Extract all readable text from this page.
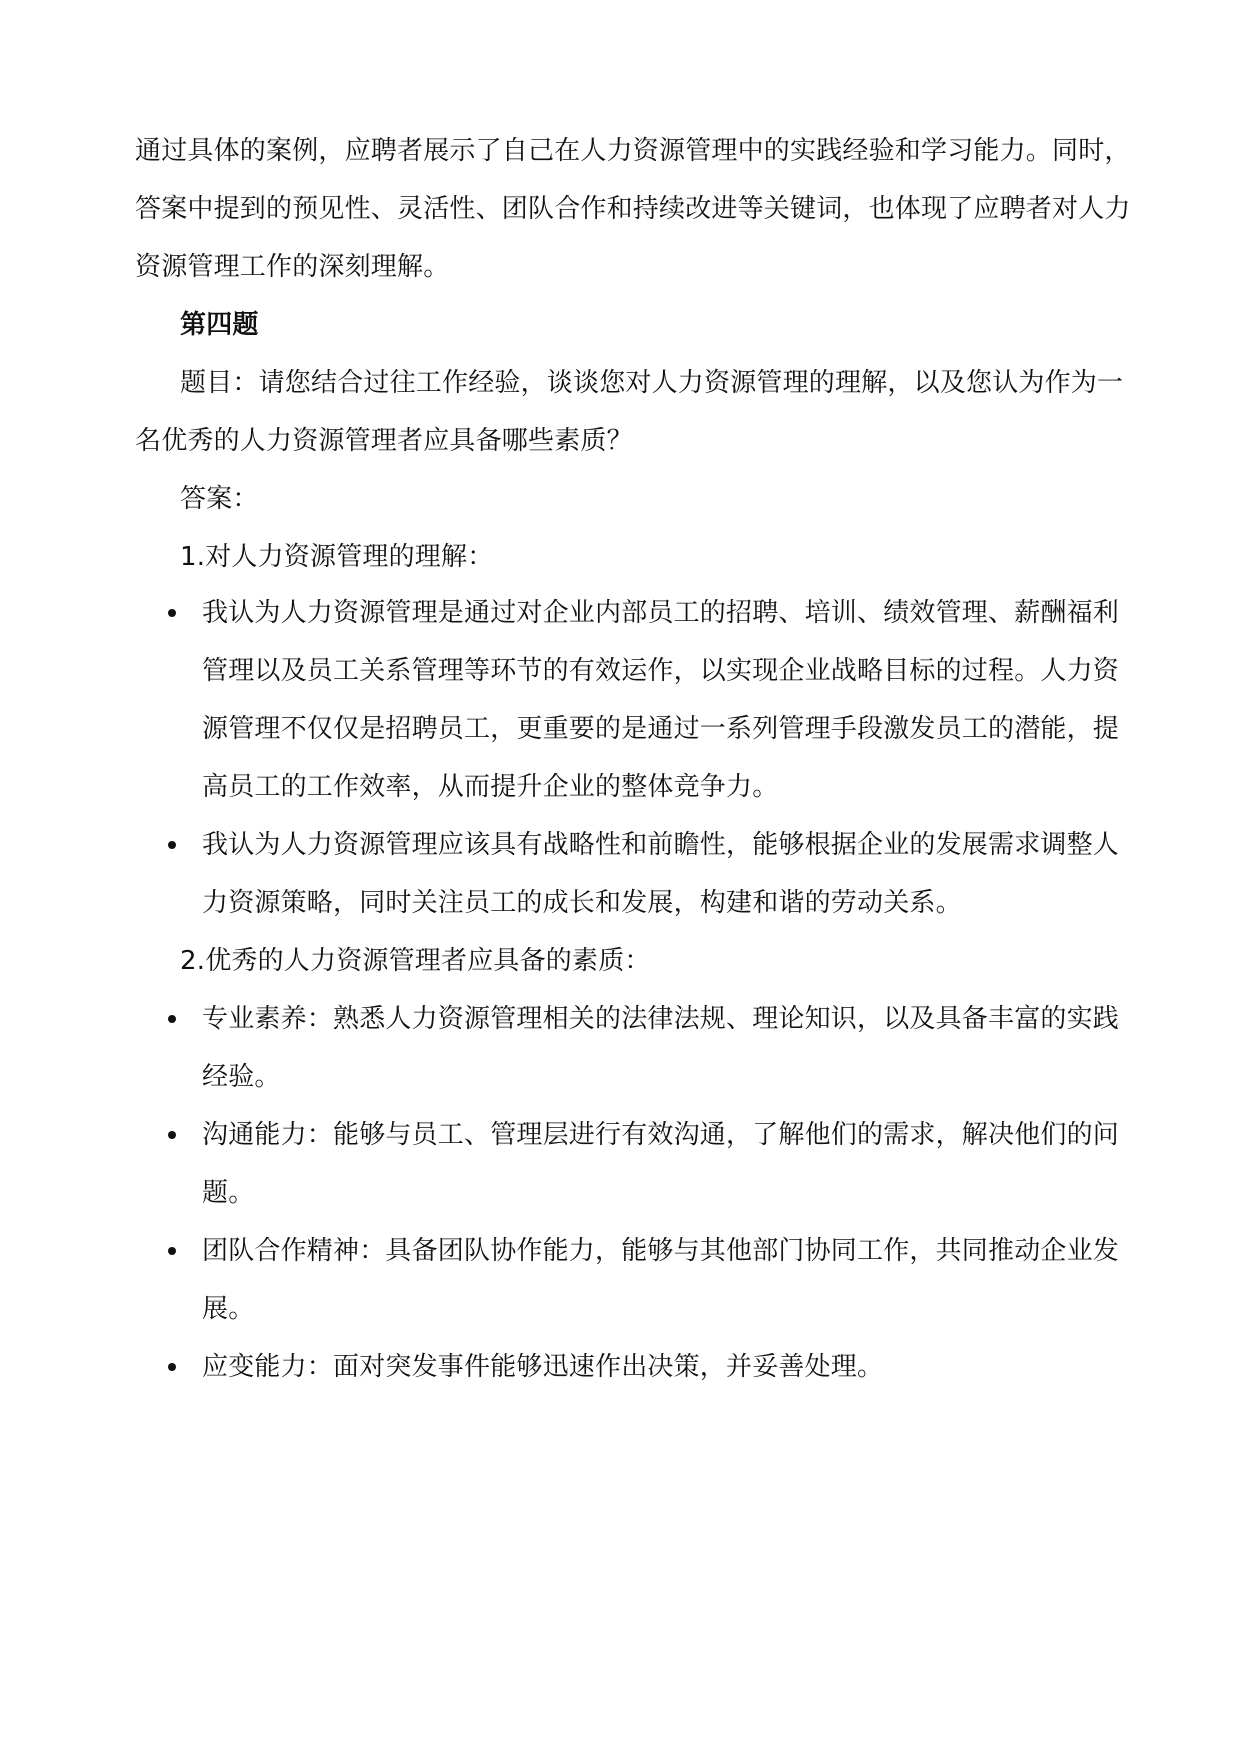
通过具体的案例，应聘者展示了自己在人力资源管理中的实践经验和学习能力。同时，
答案中提到的预见性、灵活性、团队合作和持续改进等关键词，也体现了应聘者对人力
资源管理工作的深刻理解。
第四题
题目：请您结合过往工作经验，谈谈您对人力资源管理的理解，以及您认为作为一
名优秀的人力资源管理者应具备哪些素质？
答案：
1.对人力资源管理的理解：
我认为人力资源管理是通过对企业内部员工的招聘、培训、绩效管理、薪酬福利
管理以及员工关系管理等环节的有效运作，以实现企业战略目标的过程。人力资
源管理不仅仅是招聘员工，更重要的是通过一系列管理手段激发员工的潜能，提
高员工的工作效率，从而提升企业的整体竞争力。
我认为人力资源管理应该具有战略性和前瞻性，能够根据企业的发展需求调整人
力资源策略，同时关注员工的成长和发展，构建和谐的劳动关系。
2.优秀的人力资源管理者应具备的素质：
专业素养：熟悉人力资源管理相关的法律法规、理论知识，以及具备丰富的实践
经验。
沟通能力：能够与员工、管理层进行有效沟通，了解他们的需求，解决他们的问
题。
团队合作精神：具备团队协作能力，能够与其他部门协同工作，共同推动企业发
展。
应变能力：面对突发事件能够迅速作出决策，并妥善处理。
